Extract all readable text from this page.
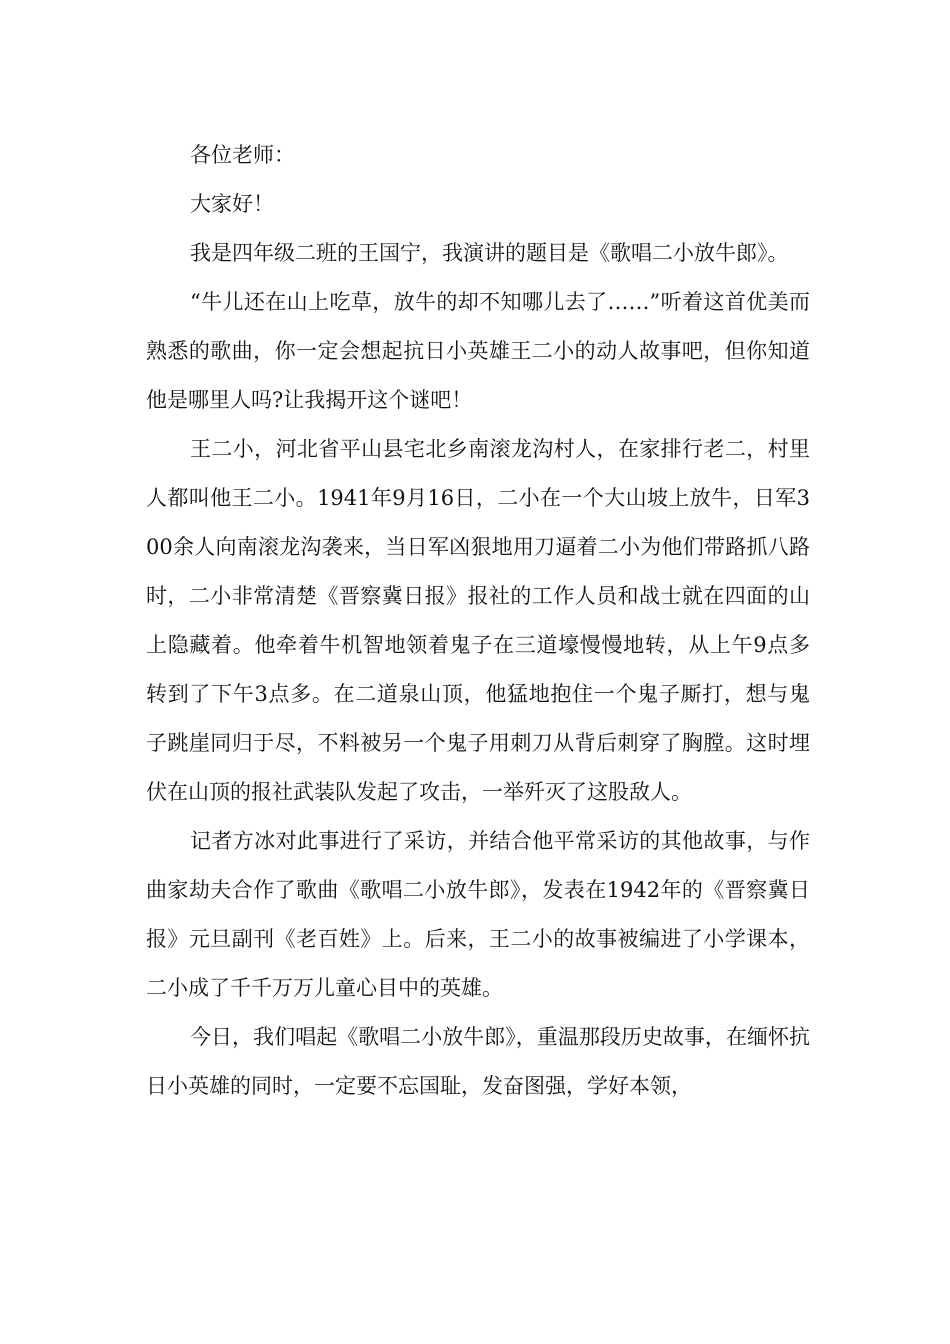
各位老师：

大家好！

我是四年级二班的王国宁，我演讲的题目是《歌唱二小放牛郎》。

“牛儿还在山上吃草，放牛的却不知哪儿去了……”听着这首优美而熟悉的歌曲，你一定会想起抗日小英雄王二小的动人故事吧，但你知道他是哪里人吗?让我揭开这个谜吧！

王二小，河北省平山县宅北乡南滚龙沟村人，在家排行老二，村里人都叫他王二小。1941年9月16日，二小在一个大山坡上放牛，日军300余人向南滚龙沟袭来，当日军凶狠地用刀逼着二小为他们带路抓八路时，二小非常清楚《晋察冀日报》报社的工作人员和战士就在四面的山上隐藏着。他牵着牛机智地领着鬼子在三道壕慢慢地转，从上午9点多转到了下午3点多。在二道泉山顶，他猛地抱住一个鬼子厮打，想与鬼子跳崖同归于尽，不料被另一个鬼子用刺刀从背后刺穿了胸膛。这时埋伏在山顶的报社武装队发起了攻击，一举歼灭了这股敌人。

记者方冰对此事进行了采访，并结合他平常采访的其他故事，与作曲家劫夫合作了歌曲《歌唱二小放牛郎》，发表在1942年的《晋察冀日报》元旦副刊《老百姓》上。后来，王二小的故事被编进了小学课本，二小成了千千万万儿童心目中的英雄。

今日，我们唱起《歌唱二小放牛郎》，重温那段历史故事，在缅怀抗日小英雄的同时，一定要不忘国耻，发奋图强，学好本领，
